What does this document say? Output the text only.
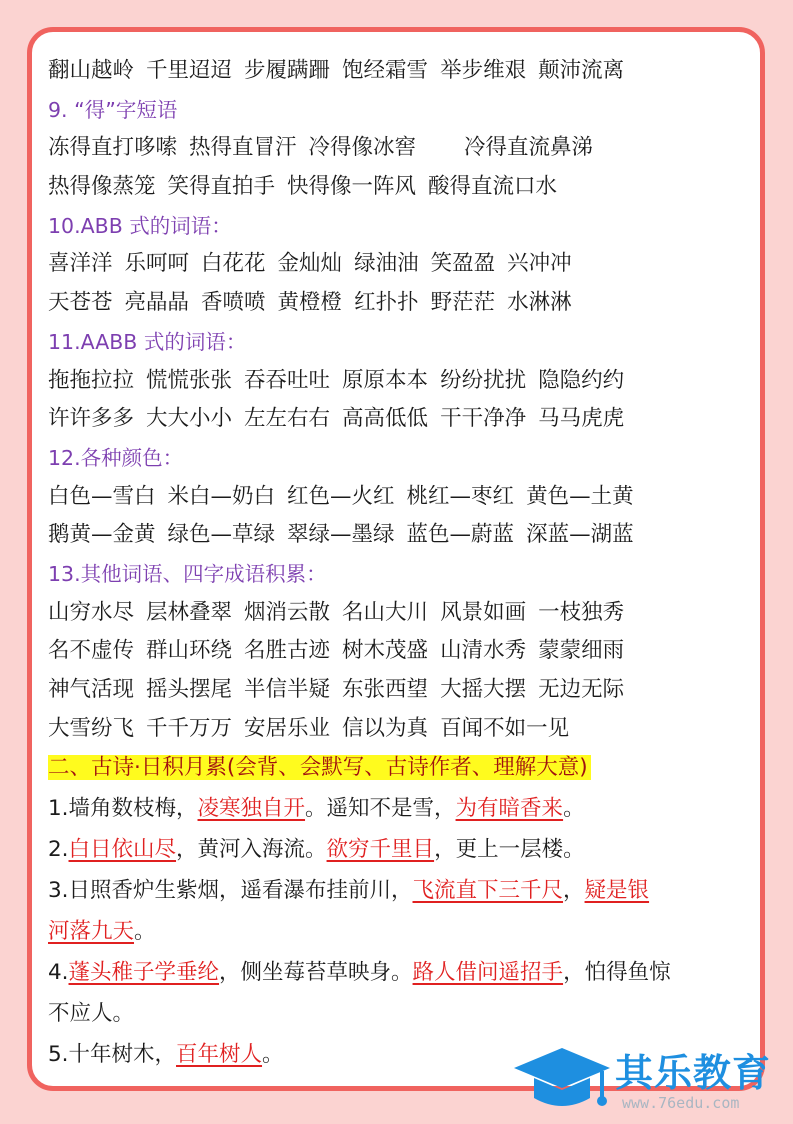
翻山越岭 千里迢迢 步履蹒跚 饱经霜雪 举步维艰 颠沛流离
9. “得”字短语
冻得直打哆嗦 热得直冒汗 冷得像冰窖 冷得直流鼻涕
热得像蒸笼 笑得直拍手 快得像一阵风 酸得直流口水
10.ABB 式的词语：
喜洋洋 乐呵呵 白花花 金灿灿 绿油油 笑盈盈 兴冲冲
天苍苍 亮晶晶 香喷喷 黄橙橙 红扑扑 野茫茫 水淋淋
11.AABB 式的词语：
拖拖拉拉 慌慌张张 吞吞吐吐 原原本本 纷纷扰扰 隐隐约约
许许多多 大大小小 左左右右 高高低低 干干净净 马马虎虎
12.各种颜色：
白色—雪白 米白—奶白 红色—火红 桃红—枣红 黄色—土黄
鹅黄—金黄 绿色—草绿 翠绿—墨绿 蓝色—蔚蓝 深蓝—湖蓝
13.其他词语、四字成语积累：
山穷水尽 层林叠翠 烟消云散 名山大川 风景如画 一枝独秀
名不虚传 群山环绕 名胜古迹 树木茂盛 山清水秀 蒙蒙细雨
神气活现 摇头摆尾 半信半疑 东张西望 大摇大摆 无边无际
大雪纷飞 千千万万 安居乐业 信以为真 百闻不如一见
二、古诗·日积月累(会背、会默写、古诗作者、理解大意)
1.墙角数枝梅，凌寒独自开。遥知不是雪，为有暗香来。
2.白日依山尽，黄河入海流。欲穷千里目，更上一层楼。
3.日照香炉生紫烟，遥看瀑布挂前川，飞流直下三千尺，疑是银
河落九天。
4.蓬头稚子学垂纶，侧坐莓苔草映身。路人借问遥招手，怕得鱼惊
不应人。
5.十年树木，百年树人。	其乐教育
www.76edu.com
